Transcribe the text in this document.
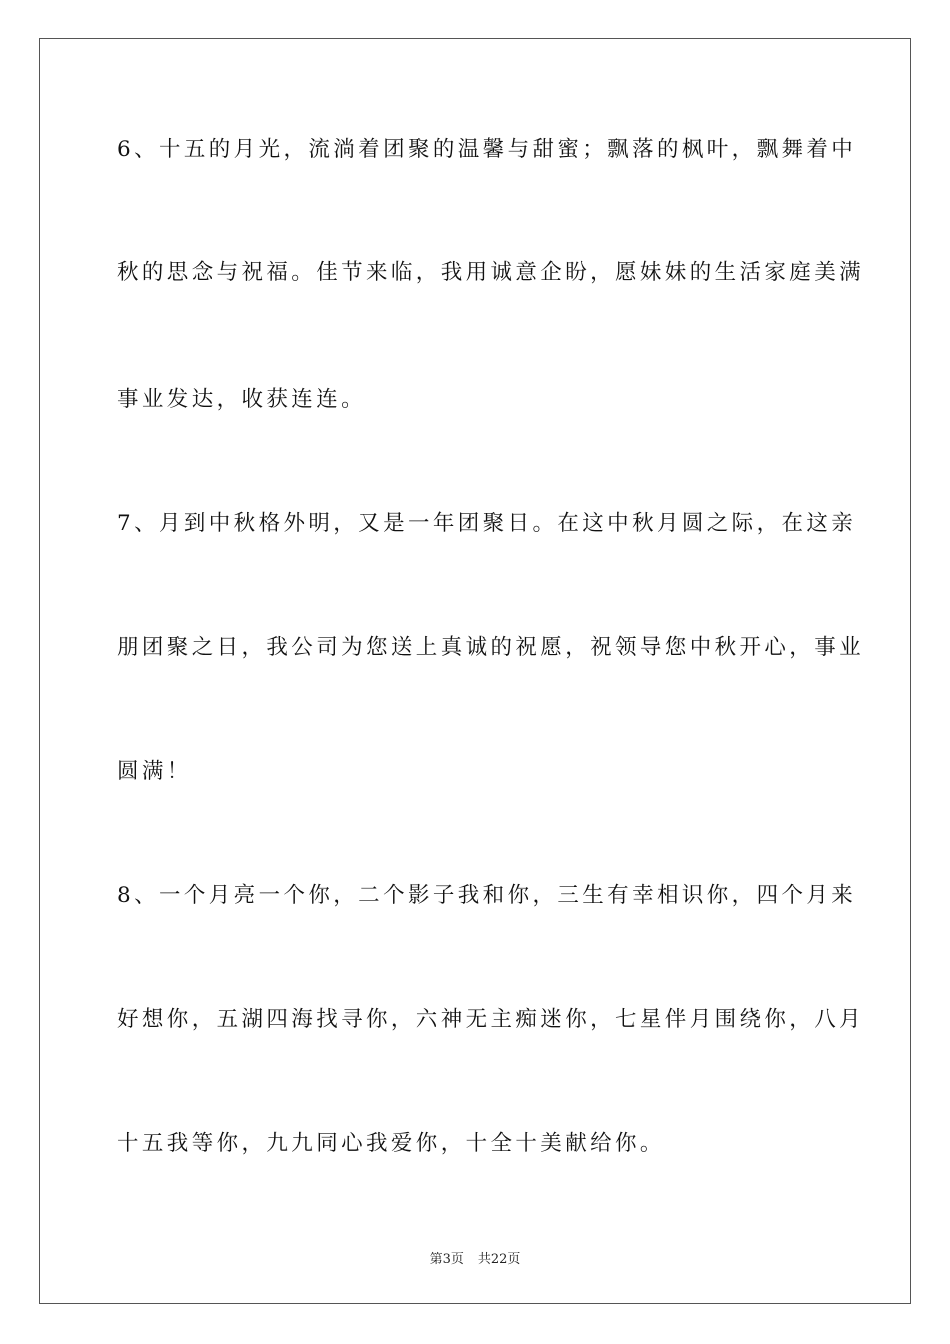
6、十五的月光，流淌着团聚的温馨与甜蜜；飘落的枫叶，飘舞着中
秋的思念与祝福。佳节来临，我用诚意企盼，愿妹妹的生活家庭美满
事业发达，收获连连。
7、月到中秋格外明，又是一年团聚日。在这中秋月圆之际，在这亲
朋团聚之日，我公司为您送上真诚的祝愿，祝领导您中秋开心，事业
圆满！
8、一个月亮一个你，二个影子我和你，三生有幸相识你，四个月来
好想你，五湖四海找寻你，六神无主痴迷你，七星伴月围绕你，八月
十五我等你，九九同心我爱你，十全十美献给你。
第3页 共22页
